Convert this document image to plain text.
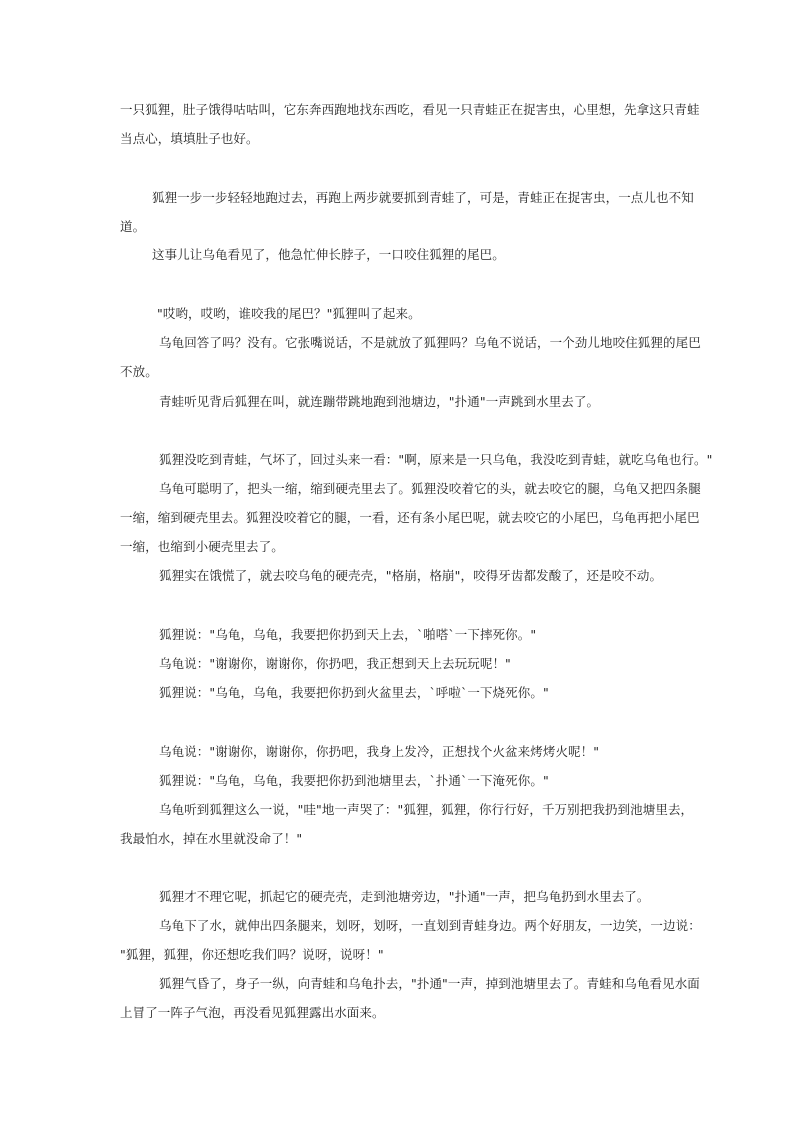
一只狐狸，肚子饿得咕咕叫，它东奔西跑地找东西吃，看见一只青蛙正在捉害虫，心里想，先拿这只青蛙

当点心，填填肚子也好。

狐狸一步一步轻轻地跑过去，再跑上两步就要抓到青蛙了，可是，青蛙正在捉害虫，一点儿也不知

道。

这事儿让乌龟看见了，他急忙伸长脖子，一口咬住狐狸的尾巴。

"哎哟，哎哟，谁咬我的尾巴？"狐狸叫了起来。

乌龟回答了吗？没有。它张嘴说话，不是就放了狐狸吗？乌龟不说话，一个劲儿地咬住狐狸的尾巴

不放。

青蛙听见背后狐狸在叫，就连蹦带跳地跑到池塘边，"扑通"一声跳到水里去了。

狐狸没吃到青蛙，气坏了，回过头来一看："啊，原来是一只乌龟，我没吃到青蛙，就吃乌龟也行。"

乌龟可聪明了，把头一缩，缩到硬壳里去了。狐狸没咬着它的头，就去咬它的腿，乌龟又把四条腿

一缩，缩到硬壳里去。狐狸没咬着它的腿，一看，还有条小尾巴呢，就去咬它的小尾巴，乌龟再把小尾巴

一缩，也缩到小硬壳里去了。

狐狸实在饿慌了，就去咬乌龟的硬壳壳，"格崩，格崩"，咬得牙齿都发酸了，还是咬不动。

狐狸说："乌龟，乌龟，我要把你扔到天上去，`啪嗒`一下摔死你。"

乌龟说："谢谢你，谢谢你，你扔吧，我正想到天上去玩玩呢！"

狐狸说："乌龟，乌龟，我要把你扔到火盆里去，`呼啦`一下烧死你。"

乌龟说："谢谢你，谢谢你，你扔吧，我身上发冷，正想找个火盆来烤烤火呢！"

狐狸说："乌龟，乌龟，我要把你扔到池塘里去，`扑通`一下淹死你。"

乌龟听到狐狸这么一说，"哇"地一声哭了："狐狸，狐狸，你行行好，千万别把我扔到池塘里去，

我最怕水，掉在水里就没命了！"

狐狸才不理它呢，抓起它的硬壳壳，走到池塘旁边，"扑通"一声，把乌龟扔到水里去了。

乌龟下了水，就伸出四条腿来，划呀，划呀，一直划到青蛙身边。两个好朋友，一边笑，一边说：

"狐狸，狐狸，你还想吃我们吗？说呀，说呀！"

狐狸气昏了，身子一纵，向青蛙和乌龟扑去，"扑通"一声，掉到池塘里去了。青蛙和乌龟看见水面

上冒了一阵子气泡，再没看见狐狸露出水面来。
